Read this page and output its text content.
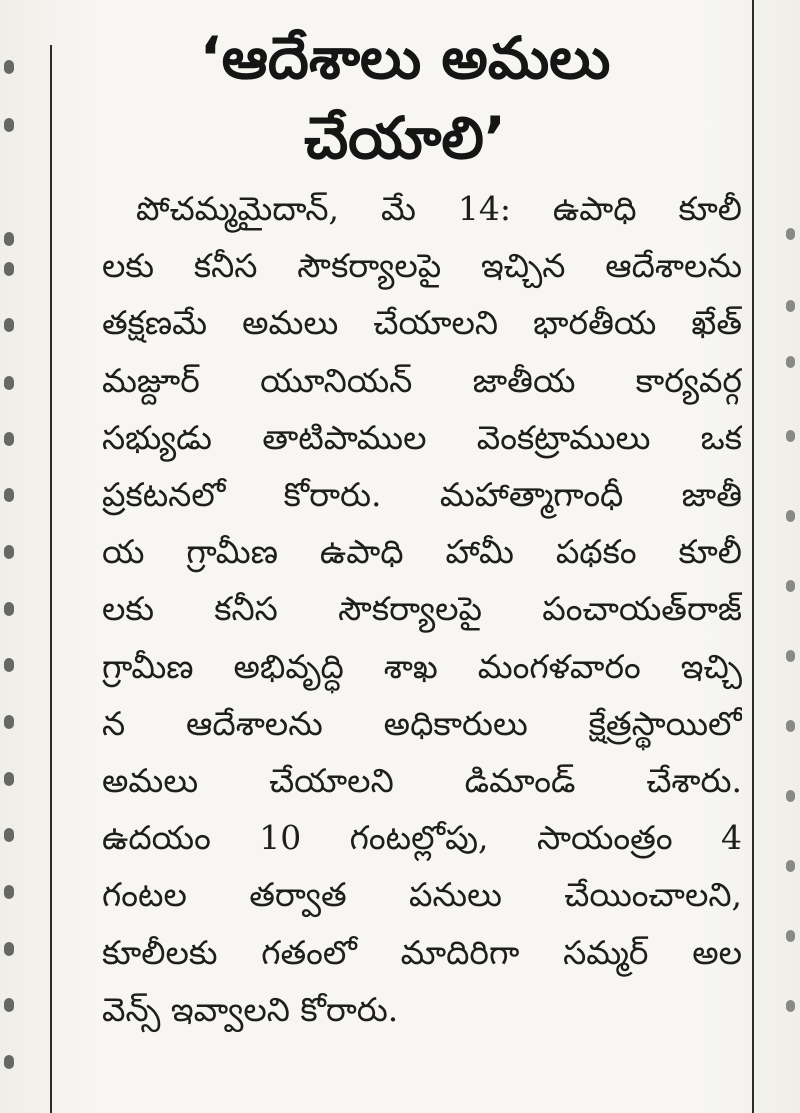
‘ఆదేశాలు అమలు
చేయాలి’
పోచమ్మమైదాన్, మే 14: ఉపాధి కూలీ
లకు కనీస సౌకర్యాలపై ఇచ్చిన ఆదేశాలను
తక్షణమే అమలు చేయాలని భారతీయ ఖేత్
మజ్దూర్ యూనియన్ జాతీయ కార్యవర్గ
సభ్యుడు తాటిపాముల వెంకట్రాములు ఒక
ప్రకటనలో కోరారు. మహాత్మాగాంధీ జాతీ
య గ్రామీణ ఉపాధి హామీ పథకం కూలీ
లకు కనీస సౌకర్యాలపై పంచాయత్‌రాజ్
గ్రామీణ అభివృద్ధి శాఖ మంగళవారం ఇచ్చి
న ఆదేశాలను అధికారులు క్షేత్రస్థాయిలో
అమలు చేయాలని డిమాండ్ చేశారు.
ఉదయం 10 గంటల్లోపు, సాయంత్రం 4
గంటల తర్వాత పనులు చేయించాలని,
కూలీలకు గతంలో మాదిరిగా సమ్మర్ అల
వెన్స్ ఇవ్వాలని కోరారు.
